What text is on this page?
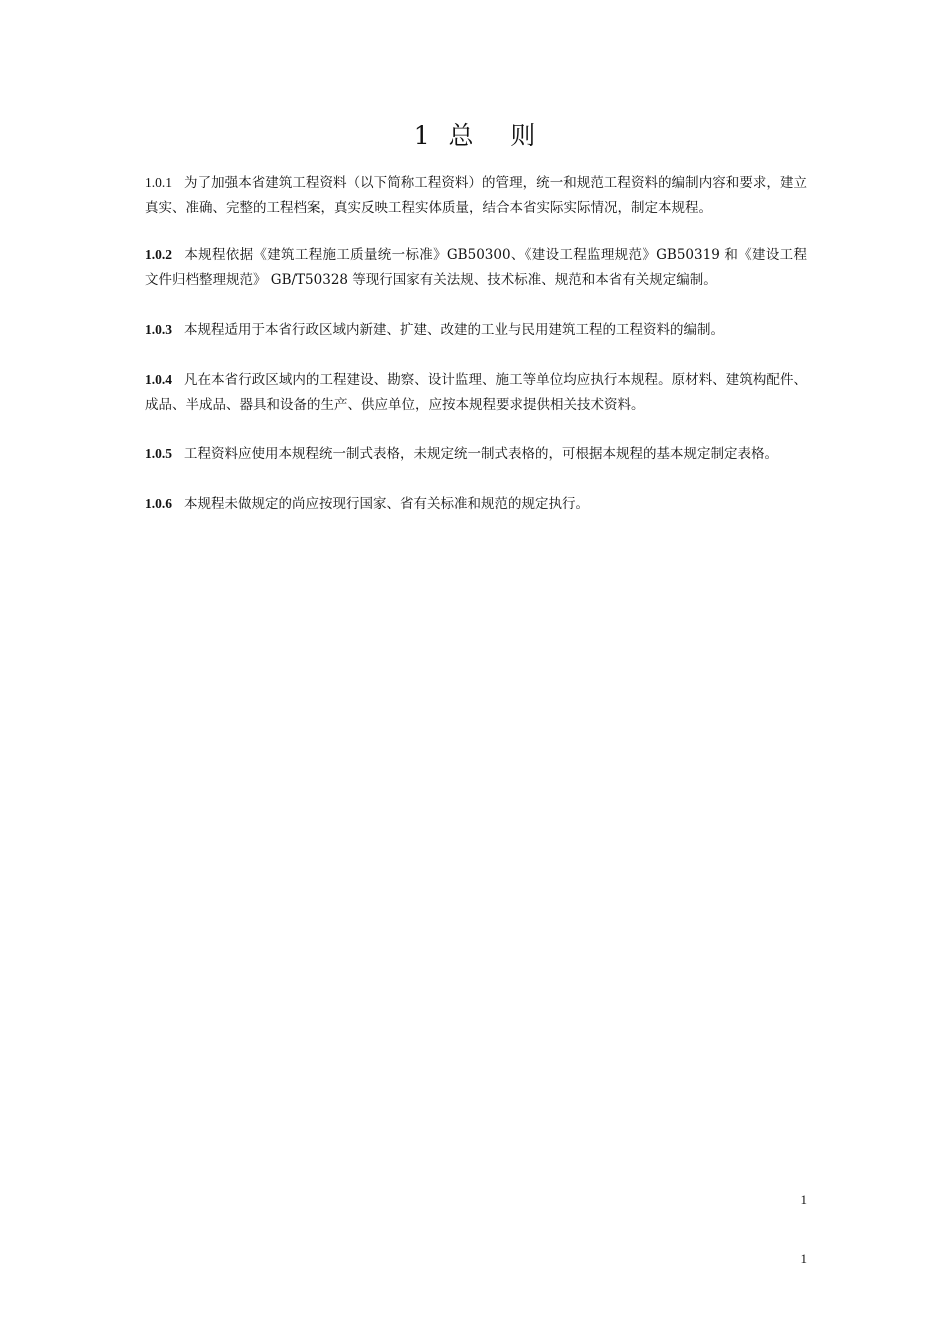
1  总    则
1.0.1 为了加强本省建筑工程资料（以下简称工程资料）的管理，统一和规范工程资料的编制内容和要求，建立真实、准确、完整的工程档案，真实反映工程实体质量，结合本省实际实际情况，制定本规程。
1.0.2 本规程依据《建筑工程施工质量统一标准》GB50300、《建设工程监理规范》GB50319 和《建设工程文件归档整理规范》 GB/T50328 等现行国家有关法规、技术标准、规范和本省有关规定编制。
1.0.3 本规程适用于本省行政区域内新建、扩建、改建的工业与民用建筑工程的工程资料的编制。
1.0.4 凡在本省行政区域内的工程建设、勘察、设计监理、施工等单位均应执行本规程。原材料、建筑构配件、成品、半成品、器具和设备的生产、供应单位，应按本规程要求提供相关技术资料。
1.0.5 工程资料应使用本规程统一制式表格，未规定统一制式表格的，可根据本规程的基本规定制定表格。
1.0.6 本规程未做规定的尚应按现行国家、省有关标准和规范的规定执行。
1
1
